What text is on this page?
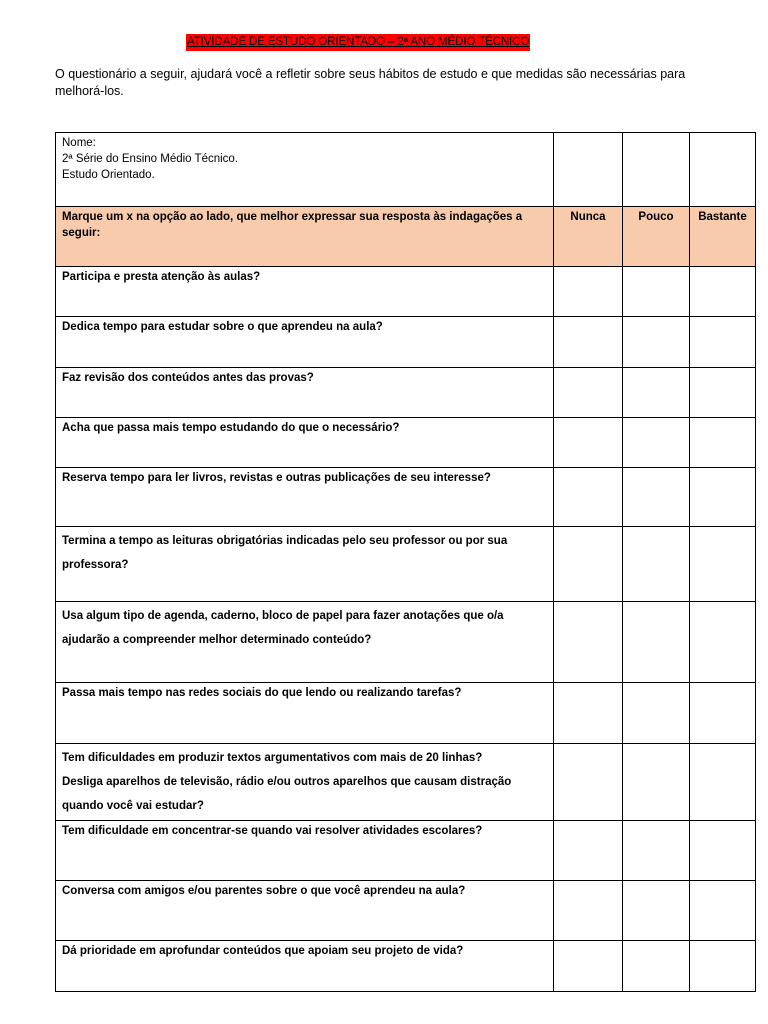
ATIVIDADE DE ESTUDO ORIENTADO – 2ª ANO MÉDIO TÉCNICO
O questionário a seguir, ajudará você a refletir sobre seus hábitos de estudo e que medidas são necessárias para melhorá-los.
Nome:
2ª Série do Ensino Médio Técnico.
Estudo Orientado.			

Marque um x na opção ao lado, que melhor expressar sua resposta às indagações a seguir:	Nunca	Pouco	Bastante
Participa e presta atenção às aulas?			
Dedica tempo para estudar sobre o que aprendeu na aula?			
Faz revisão dos conteúdos antes das provas?			
Acha que passa mais tempo estudando do que o necessário?			
Reserva tempo para ler livros, revistas e outras publicações de seu interesse?			
Termina a tempo as leituras obrigatórias indicadas pelo seu professor ou por sua professora?			
Usa algum tipo de agenda, caderno, bloco de papel para fazer anotações que o/a ajudarão a compreender melhor determinado conteúdo?			
Passa mais tempo nas redes sociais do que lendo ou realizando tarefas?			

Tem dificuldades em produzir textos argumentativos com mais de 20 linhas?
Desliga aparelhos de televisão, rádio e/ou outros aparelhos que causam distração quando você vai estudar?			

Tem dificuldade em concentrar-se quando vai resolver atividades escolares?			
Conversa com amigos e/ou parentes sobre o que você aprendeu na aula?			
Dá prioridade em aprofundar conteúdos que apoiam seu projeto de vida?			
